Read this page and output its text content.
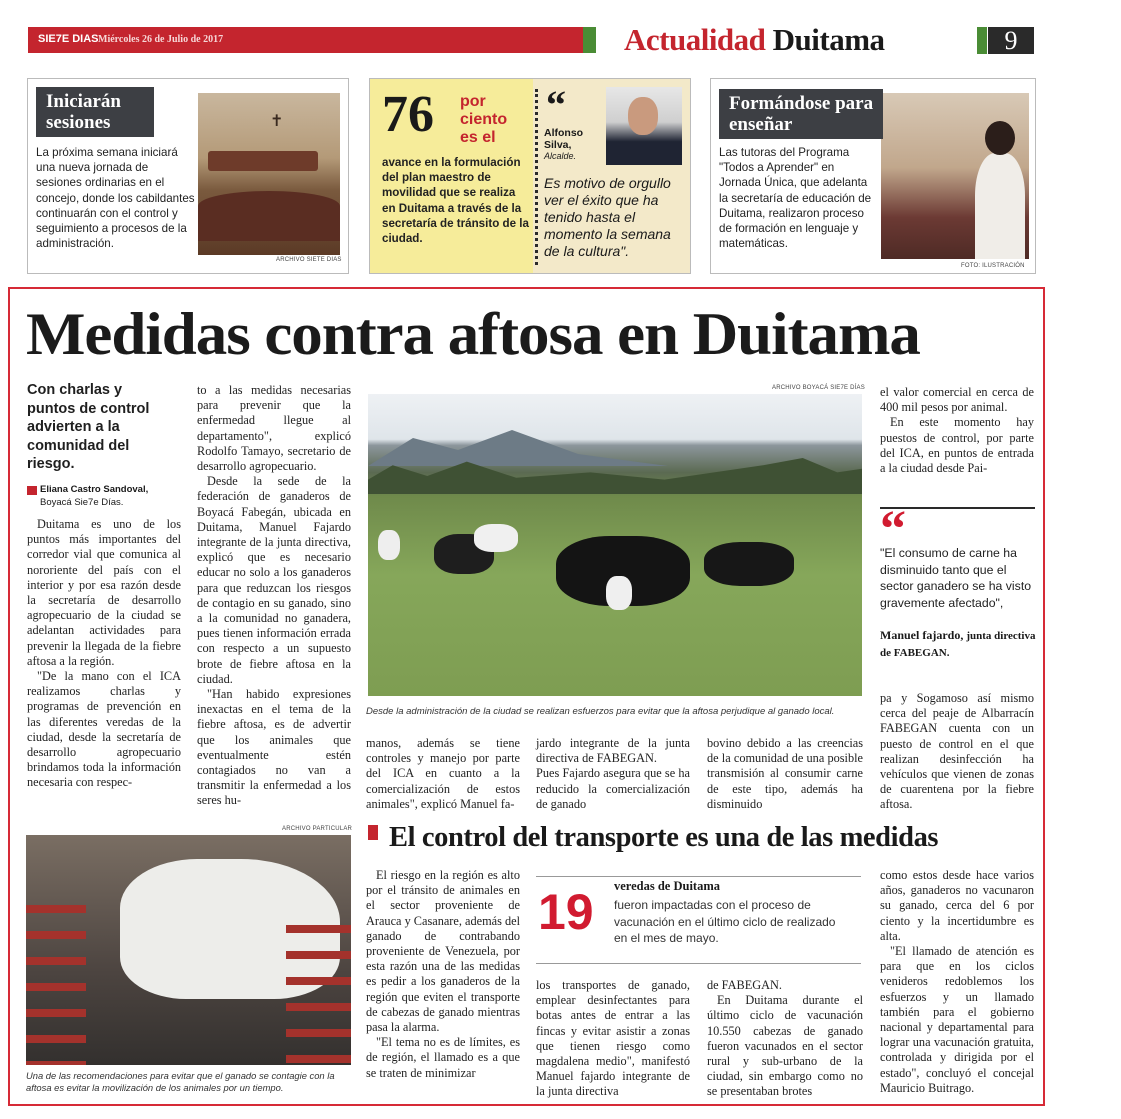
SIE7E DIAS Miércoles 26 de Julio de 2017	Actualidad Duitama	9
✝
Iniciarán sesiones
La próxima semana iniciará una nueva jornada de sesiones ordinarias en el concejo, donde los cabildantes continuarán con el control y seguimiento a procesos de la administración.
ARCHIVO SIETE DIAS
76 por ciento es el
avance en la formulación del plan maestro de movilidad que se realiza en Duitama a través de la secretaría de tránsito de la ciudad.
“
Alfonso Silva,
Alcalde.
Es motivo de orgullo ver el éxito que ha tenido hasta el momento la semana de la cultura".
Formándose para enseñar
Las tutoras del Programa "Todos a Aprender" en Jornada Única, que adelanta la secretaría de educación de Duitama, realizaron proceso de formación en lenguaje y matemáticas.
FOTO: ILUSTRACIÓN
Medidas contra aftosa en Duitama
Con charlas y puntos de control advierten a la comunidad del riesgo.
Eliana Castro Sandoval,
Boyacá Sie7e Días.

Duitama es uno de los puntos más importantes del corredor vial que comunica al nororiente del país con el interior y por esa razón desde la secretaría de desarrollo agropecuario de la ciudad se adelantan actividades para prevenir la llegada de la fiebre aftosa a la región.

"De la mano con el ICA realizamos charlas y programas de prevención en las diferentes veredas de la ciudad, desde la secretaría de desarrollo agropecuario brindamos toda la información necesaria con respec-

to a las medidas necesarias para prevenir que la enfermedad llegue al departamento", explicó Rodolfo Tamayo, secretario de desarrollo agropecuario.

Desde la sede de la federación de ganaderos de Boyacá Fabegán, ubicada en Duitama, Manuel Fajardo integrante de la junta directiva, explicó que es necesario educar no solo a los ganaderos para que reduzcan los riesgos de contagio en su ganado, sino a la comunidad no ganadera, pues tienen información errada con respecto a un supuesto brote de fiebre aftosa en la ciudad.

"Han habido expresiones inexactas en el tema de la fiebre aftosa, es de advertir que los animales que eventualmente estén contagiados no van a transmitir la enfermedad a los seres hu-

ARCHIVO BOYACÁ SIE7E DÍAS
Desde la administración de la ciudad se realizan esfuerzos para evitar que la aftosa perjudique al ganado local.
manos, además se tiene controles y manejo por parte del ICA en cuanto a la comercialización de estos animales", explicó Manuel fa-
jardo integrante de la junta directiva de FABEGAN.
Pues Fajardo asegura que se ha reducido la comercialización de ganado
bovino debido a las creencias de la comunidad de una posible transmisión al consumir carne de este tipo, además ha disminuido

el valor comercial en cerca de 400 mil pesos por animal.

En este momento hay puestos de control, por parte del ICA, en puntos de entrada a la ciudad desde Pai-

“
"El consumo de carne ha disminuido tanto que el sector ganadero se ha visto gravemente afectado",
Manuel fajardo, junta directiva de FABEGAN.
pa y Sogamoso así mismo cerca del peaje de Albarracín FABEGAN cuenta con un puesto de control en el que realizan desinfección ha vehículos que vienen de zonas de cuarentena por la fiebre aftosa.
ARCHIVO PARTICULAR
Una de las recomendaciones para evitar que el ganado se contagie con la aftosa es evitar la movilización de los animales por un tiempo.
El control del transporte es una de las medidas

El riesgo en la región es alto por el tránsito de animales en el sector proveniente de Arauca y Casanare, además del ganado de contrabando proveniente de Venezuela, por esta razón una de las medidas es pedir a los ganaderos de la región que eviten el transporte de cabezas de ganado mientras pasa la alarma.

"El tema no es de límites, es de región, el llamado es a que se traten de minimizar

19 veredas de Duitama
fueron impactadas con el proceso de vacunación en el último ciclo de realizado en el mes de mayo.
los transportes de ganado, emplear desinfectantes para botas antes de entrar a las fincas y evitar asistir a zonas que tienen riesgo como magdalena medio", manifestó Manuel fajardo integrante de la junta directiva

de FABEGAN.

En Duitama durante el último ciclo de vacunación 10.550 cabezas de ganado fueron vacunados en el sector rural y sub-urbano de la ciudad, sin embargo como no se presentaban brotes

como estos desde hace varios años, ganaderos no vacunaron su ganado, cerca del 6 por ciento y la incertidumbre es alta.

"El llamado de atención es para que en los ciclos venideros redoblemos los esfuerzos y un llamado también para el gobierno nacional y departamental para lograr una vacunación gratuita, controlada y dirigida por el estado", concluyó el concejal Mauricio Buitrago.
